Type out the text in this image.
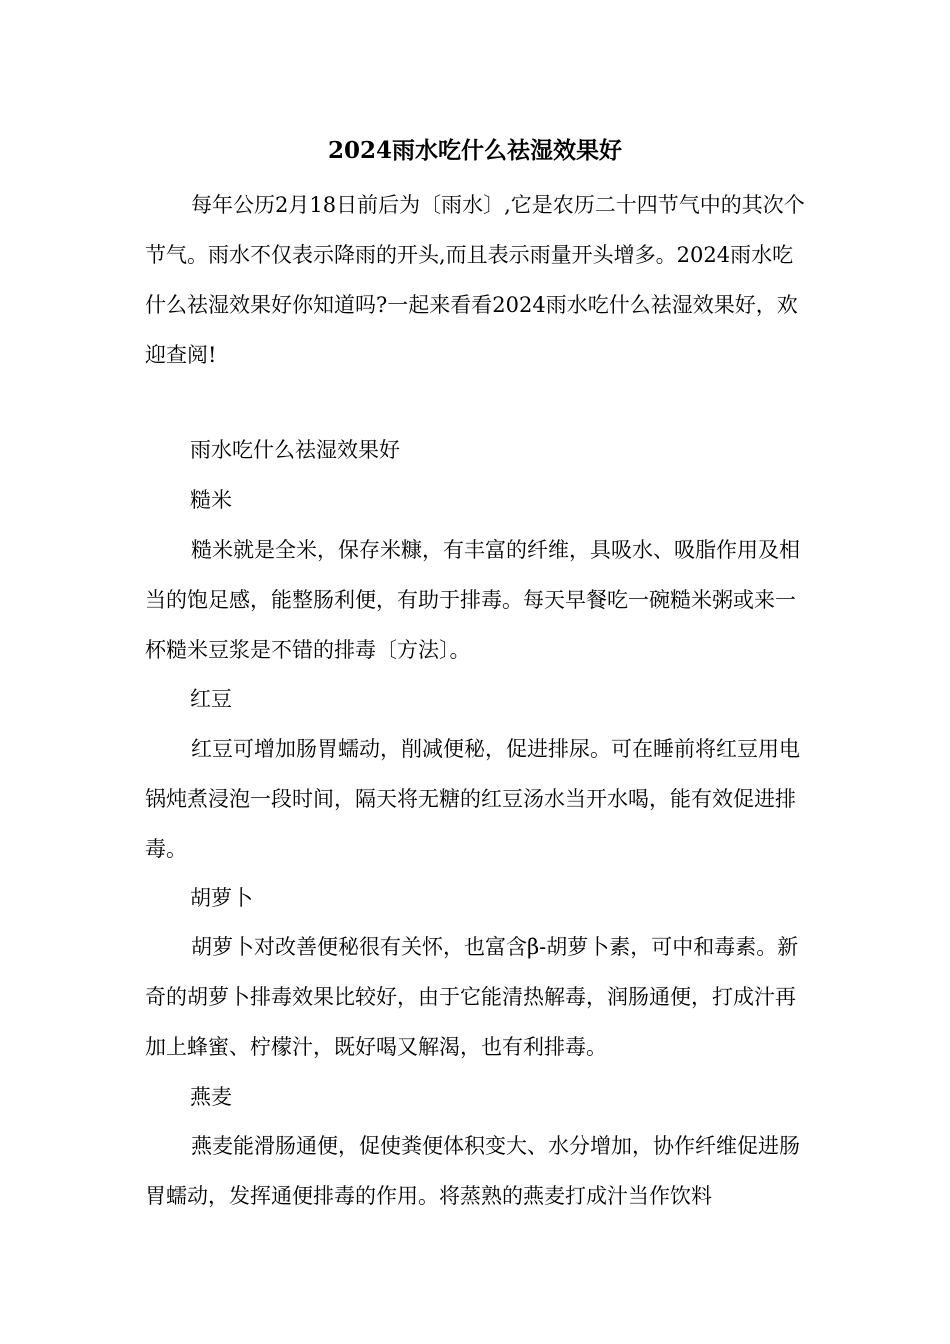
2024雨水吃什么祛湿效果好

每年公历2月18日前后为〔雨水〕,它是农历二十四节气中的其次个节气。雨水不仅表示降雨的开头,而且表示雨量开头增多。2024雨水吃什么祛湿效果好你知道吗?一起来看看2024雨水吃什么祛湿效果好，欢迎查阅!

雨水吃什么祛湿效果好

糙米

糙米就是全米，保存米糠，有丰富的纤维，具吸水、吸脂作用及相当的饱足感，能整肠利便，有助于排毒。每天早餐吃一碗糙米粥或来一杯糙米豆浆是不错的排毒〔方法〕。

红豆

红豆可增加肠胃蠕动，削减便秘，促进排尿。可在睡前将红豆用电锅炖煮浸泡一段时间，隔天将无糖的红豆汤水当开水喝，能有效促进排毒。

胡萝卜

胡萝卜对改善便秘很有关怀，也富含β-胡萝卜素，可中和毒素。新奇的胡萝卜排毒效果比较好，由于它能清热解毒，润肠通便，打成汁再加上蜂蜜、柠檬汁，既好喝又解渴，也有利排毒。

燕麦

燕麦能滑肠通便，促使粪便体积变大、水分增加，协作纤维促进肠胃蠕动，发挥通便排毒的作用。将蒸熟的燕麦打成汁当作饮料
